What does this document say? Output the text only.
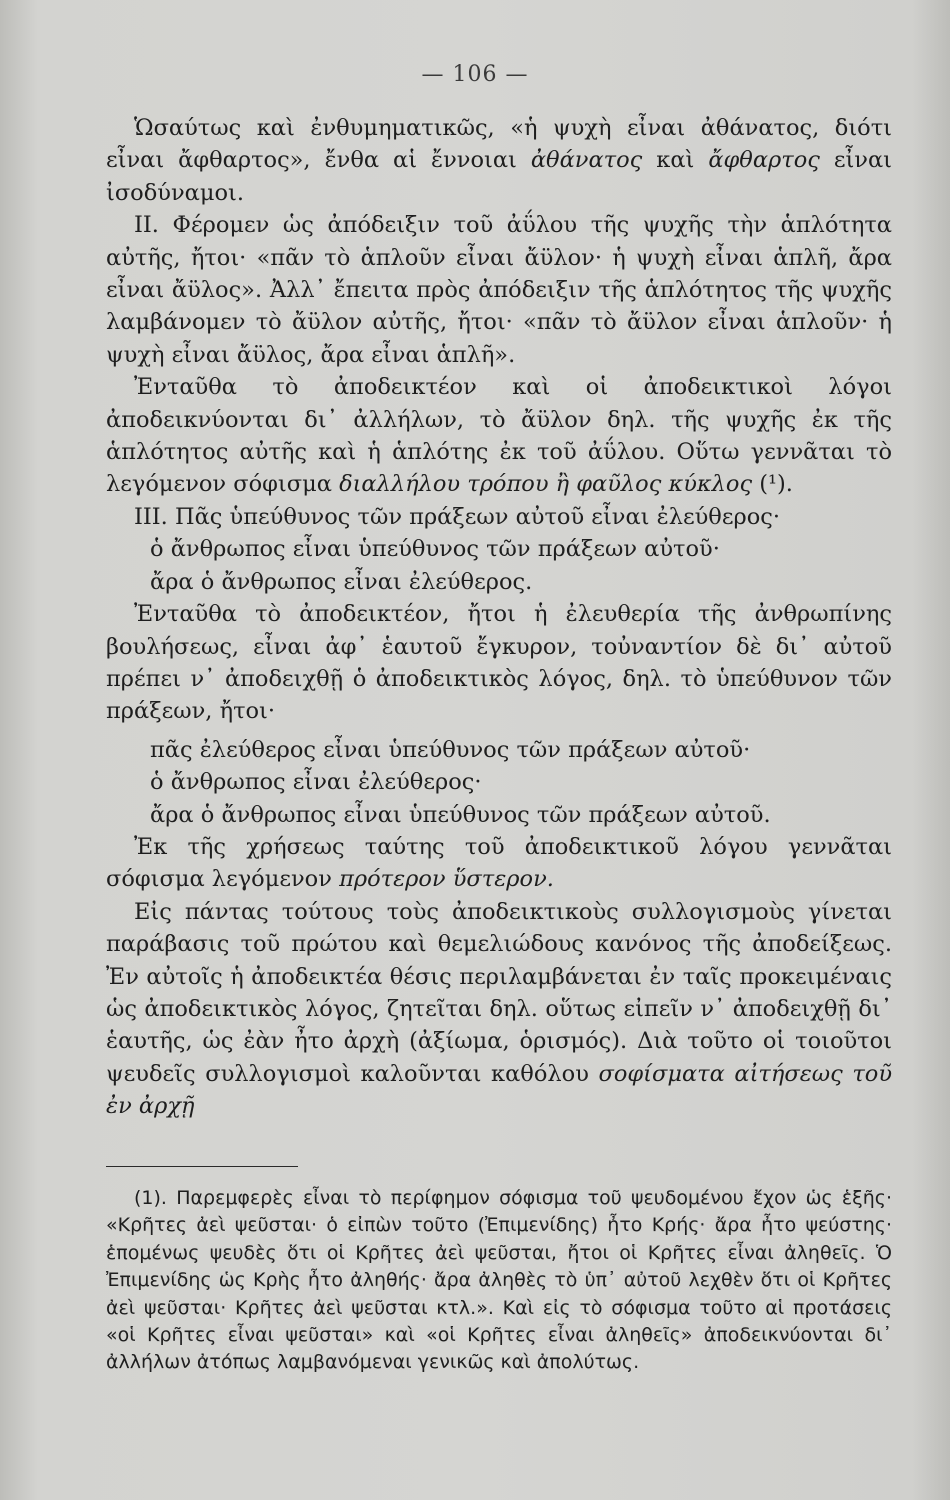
— 106 —

Ὡσαύτως καὶ ἐνθυμηματικῶς, «ἡ ψυχὴ εἶναι ἀθάνατος, διότι εἶναι ἄφθαρτος», ἔνθα αἱ ἔννοιαι ἀθάνατος καὶ ἄφθαρτος εἶναι ἰσοδύναμοι.

ΙΙ. Φέρομεν ὡς ἀπόδειξιν τοῦ ἀΰλου τῆς ψυχῆς τὴν ἁπλότητα αὐτῆς, ἤτοι· «πᾶν τὸ ἁπλοῦν εἶναι ἄϋλον· ἡ ψυχὴ εἶναι ἁπλῆ, ἄρα εἶναι ἄϋλος». Ἀλλ᾽ ἔπειτα πρὸς ἀπόδειξιν τῆς ἁπλότητος τῆς ψυχῆς λαμβάνομεν τὸ ἄϋλον αὐτῆς, ἤτοι· «πᾶν τὸ ἄϋλον εἶναι ἁπλοῦν· ἡ ψυχὴ εἶναι ἄϋλος, ἄρα εἶναι ἁπλῆ».

Ἐνταῦθα τὸ ἀποδεικτέον καὶ οἱ ἀποδεικτικοὶ λόγοι ἀποδεικνύονται δι᾽ ἀλλήλων, τὸ ἄϋλον δηλ. τῆς ψυχῆς ἐκ τῆς ἁπλότητος αὐτῆς καὶ ἡ ἁπλότης ἐκ τοῦ ἀΰλου. Οὕτω γεννᾶται τὸ λεγόμενον σόφισμα διαλλήλου τρόπου ἢ φαῦλος κύκλος (¹).

ΙΙΙ. Πᾶς ὑπεύθυνος τῶν πράξεων αὐτοῦ εἶναι ἐλεύθερος·

ὁ ἄνθρωπος εἶναι ὑπεύθυνος τῶν πράξεων αὐτοῦ·

ἄρα ὁ ἄνθρωπος εἶναι ἐλεύθερος.

Ἐνταῦθα τὸ ἀποδεικτέον, ἤτοι ἡ ἐλευθερία τῆς ἀνθρωπίνης βουλήσεως, εἶναι ἀφ᾽ ἑαυτοῦ ἔγκυρον, τοὐναντίον δὲ δι᾽ αὐτοῦ πρέπει ν᾽ ἀποδειχθῇ ὁ ἀποδεικτικὸς λόγος, δηλ. τὸ ὑπεύθυνον τῶν πράξεων, ἤτοι·

πᾶς ἐλεύθερος εἶναι ὑπεύθυνος τῶν πράξεων αὐτοῦ·

ὁ ἄνθρωπος εἶναι ἐλεύθερος·

ἄρα ὁ ἄνθρωπος εἶναι ὑπεύθυνος τῶν πράξεων αὐτοῦ.

Ἐκ τῆς χρήσεως ταύτης τοῦ ἀποδεικτικοῦ λόγου γεννᾶται σόφισμα λεγόμενον πρότερον ὕστερον.

Εἰς πάντας τούτους τοὺς ἀποδεικτικοὺς συλλογισμοὺς γίνεται παράβασις τοῦ πρώτου καὶ θεμελιώδους κανόνος τῆς ἀποδείξεως. Ἐν αὐτοῖς ἡ ἀποδεικτέα θέσις περιλαμβάνεται ἐν ταῖς προκειμέναις ὡς ἀποδεικτικὸς λόγος, ζητεῖται δηλ. οὕτως εἰπεῖν ν᾽ ἀποδειχθῇ δι᾽ ἑαυτῆς, ὡς ἐὰν ἦτο ἀρχὴ (ἀξίωμα, ὁρισμός). Διὰ τοῦτο οἱ τοιοῦτοι ψευδεῖς συλλογισμοὶ καλοῦνται καθόλου σοφίσματα αἰτήσεως τοῦ ἐν ἀρχῇ

(1). Παρεμφερὲς εἶναι τὸ περίφημον σόφισμα τοῦ ψευδομένου ἔχον ὡς ἑξῆς· «Κρῆτες ἀεὶ ψεῦσται· ὁ εἰπὼν τοῦτο (Ἐπιμενίδης) ἦτο Κρής· ἄρα ἦτο ψεύστης· ἑπομένως ψευδὲς ὅτι οἱ Κρῆτες ἀεὶ ψεῦσται, ἤτοι οἱ Κρῆτες εἶναι ἀληθεῖς. Ὁ Ἐπιμενίδης ὡς Κρὴς ἦτο ἀληθής· ἄρα ἀληθὲς τὸ ὑπ᾽ αὐτοῦ λεχθὲν ὅτι οἱ Κρῆτες ἀεὶ ψεῦσται· Κρῆτες ἀεὶ ψεῦσται κτλ.». Καὶ εἰς τὸ σόφισμα τοῦτο αἱ προτάσεις «οἱ Κρῆτες εἶναι ψεῦσται» καὶ «οἱ Κρῆτες εἶναι ἀληθεῖς» ἀποδεικνύονται δι᾽ ἀλλήλων ἀτόπως λαμβανόμεναι γενικῶς καὶ ἀπολύτως.
